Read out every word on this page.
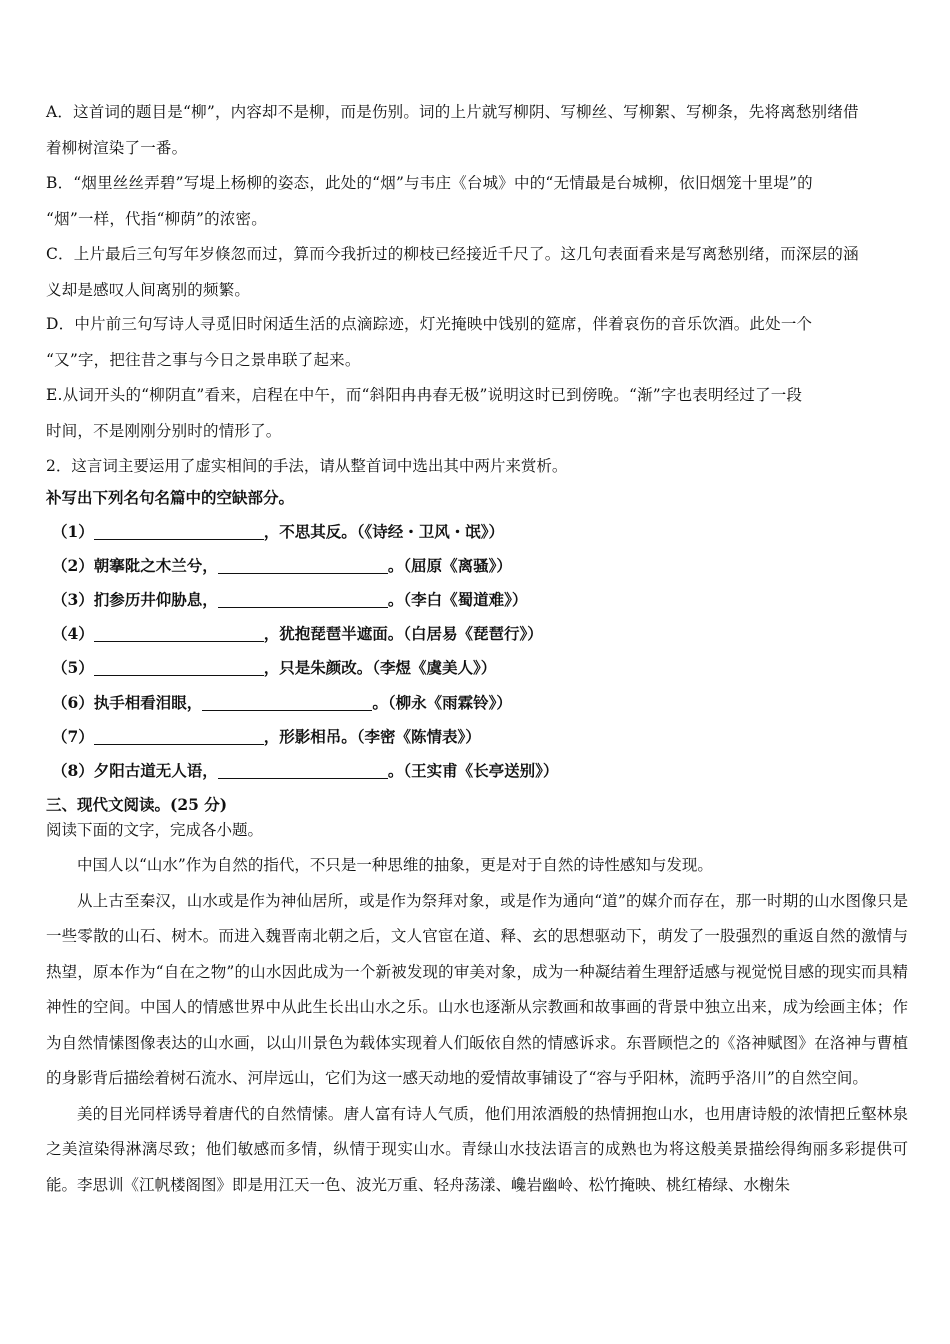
A．这首词的题目是“柳”，内容却不是柳，而是伤别。词的上片就写柳阴、写柳丝、写柳絮、写柳条，先将离愁别绪借

着柳树渲染了一番。

B．“烟里丝丝弄碧”写堤上杨柳的姿态，此处的“烟”与韦庄《台城》中的“无情最是台城柳，依旧烟笼十里堤”的

“烟”一样，代指“柳荫”的浓密。

C．上片最后三句写年岁倏忽而过，算而今我折过的柳枝已经接近千尺了。这几句表面看来是写离愁别绪，而深层的涵

义却是感叹人间离别的频繁。

D．中片前三句写诗人寻觅旧时闲适生活的点滴踪迹，灯光掩映中饯别的筵席，伴着哀伤的音乐饮酒。此处一个

“又”字，把往昔之事与今日之景串联了起来。

E.从词开头的“柳阴直”看来，启程在中午，而“斜阳冉冉春无极”说明这时已到傍晚。“渐”字也表明经过了一段

时间，不是刚刚分别时的情形了。

2．这言词主要运用了虚实相间的手法，请从整首词中选出其中两片来赏析。
补写出下列名句名篇中的空缺部分。
（1）	，不思其反。（《诗经・卫风・氓》）
（2）朝搴阰之木兰兮，	。（屈原《离骚》）
（3）扪参历井仰胁息，	。（李白《蜀道难》）
（4）	，犹抱琵琶半遮面。（白居易《琵琶行》）
（5）	，只是朱颜改。（李煜《虞美人》）
（6）执手相看泪眼，	。（柳永《雨霖铃》）
（7）	，形影相吊。（李密《陈情表》）
（8）夕阳古道无人语，	。（王实甫《长亭送别》）
三、现代文阅读。(25 分)
阅读下面的文字，完成各小题。

中国人以“山水”作为自然的指代，不只是一种思维的抽象，更是对于自然的诗性感知与发现。

从上古至秦汉，山水或是作为神仙居所，或是作为祭拜对象，或是作为通向“道”的媒介而存在，那一时期的山水图像只是一些零散的山石、树木。而进入魏晋南北朝之后，文人官宦在道、释、玄的思想驱动下，萌发了一股强烈的重返自然的激情与热望，原本作为“自在之物”的山水因此成为一个新被发现的审美对象，成为一种凝结着生理舒适感与视觉悦目感的现实而具精神性的空间。中国人的情感世界中从此生长出山水之乐。山水也逐渐从宗教画和故事画的背景中独立出来，成为绘画主体；作为自然情愫图像表达的山水画，以山川景色为载体实现着人们皈依自然的情感诉求。东晋顾恺之的《洛神赋图》在洛神与曹植的身影背后描绘着树石流水、河岸远山，它们为这一感天动地的爱情故事铺设了“容与乎阳林，流眄乎洛川”的自然空间。

美的目光同样诱导着唐代的自然情愫。唐人富有诗人气质，他们用浓酒般的热情拥抱山水，也用唐诗般的浓情把丘壑林泉之美渲染得淋漓尽致；他们敏感而多情，纵情于现实山水。青绿山水技法语言的成熟也为将这般美景描绘得绚丽多彩提供可能。李思训《江帆楼阁图》即是用江天一色、波光万重、轻舟荡漾、巉岩幽岭、松竹掩映、桃红椿绿、水榭朱
